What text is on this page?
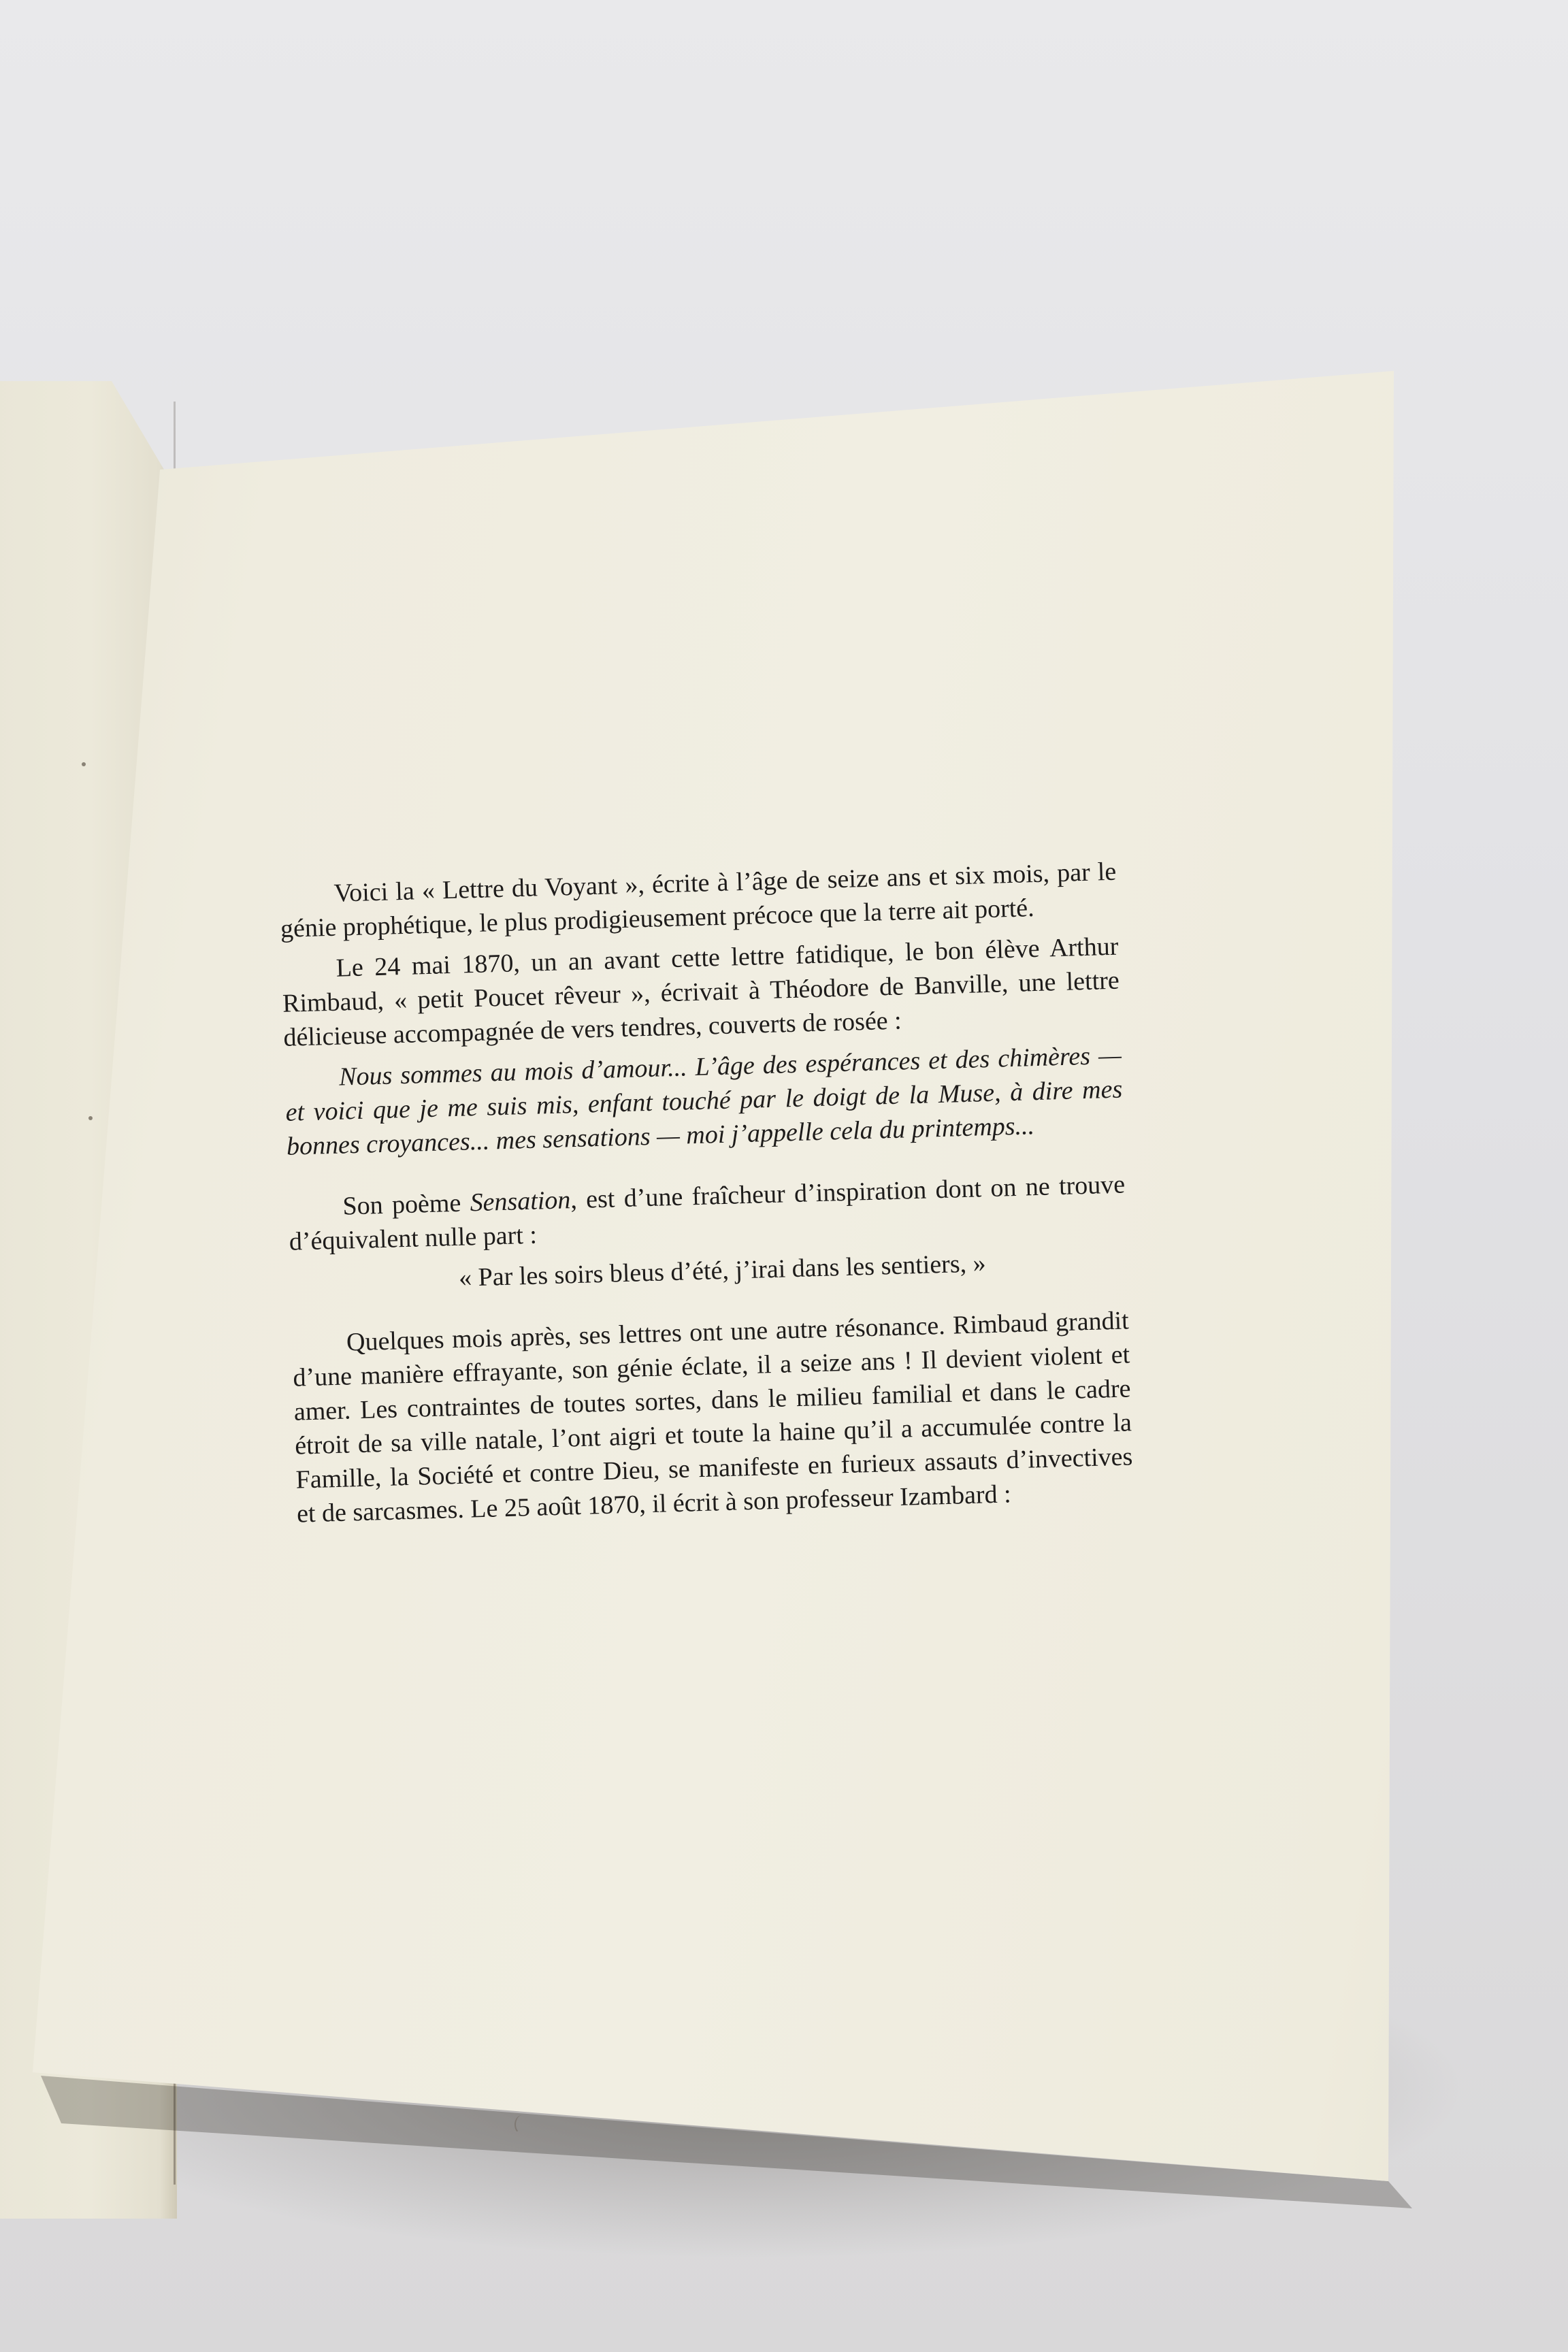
Voici la « Lettre du Voyant », écrite à l’âge de seize ans et six mois, par le génie prophétique, le plus prodigieusement précoce que la terre ait porté.

Le 24 mai 1870, un an avant cette lettre fatidique, le bon élève Arthur Rimbaud, « petit Poucet rêveur », écrivait à Théodore de Banville, une lettre délicieuse accompagnée de vers tendres, couverts de rosée :

Nous sommes au mois d’amour... L’âge des espérances et des chimères — et voici que je me suis mis, enfant touché par le doigt de la Muse, à dire mes bonnes croyances... mes sensations — moi j’appelle cela du printemps...

Son poème Sensation, est d’une fraîcheur d’inspiration dont on ne trouve d’équivalent nulle part :

« Par les soirs bleus d’été, j’irai dans les sentiers, »

Quelques mois après, ses lettres ont une autre résonance. Rimbaud grandit d’une manière effrayante, son génie éclate, il a seize ans ! Il devient violent et amer. Les contraintes de toutes sortes, dans le milieu familial et dans le cadre étroit de sa ville natale, l’ont aigri et toute la haine qu’il a accumulée contre la Famille, la Société et contre Dieu, se manifeste en furieux assauts d’invectives et de sarcasmes. Le 25 août 1870, il écrit à son professeur Izambard :
